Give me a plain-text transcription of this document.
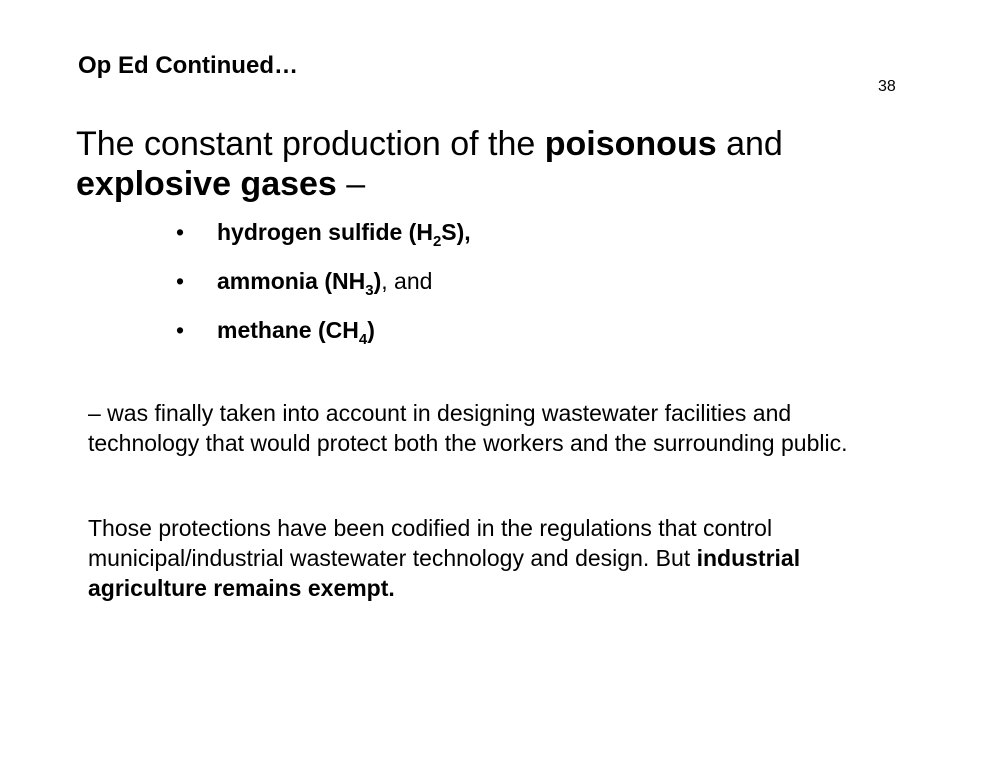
Op Ed Continued…
38

The constant production of the poisonous and
explosive gases –

•	hydrogen sulfide $(H_2S)$,
•	ammonia $(NH_3)$ , and
•	methane $(CH_4)$

– was finally taken into account in designing wastewater facilities and technology that would protect both the workers and the surrounding public.

Those protections have been codified in the regulations that control municipal/industrial wastewater technology and design. But industrial agriculture remains exempt.
